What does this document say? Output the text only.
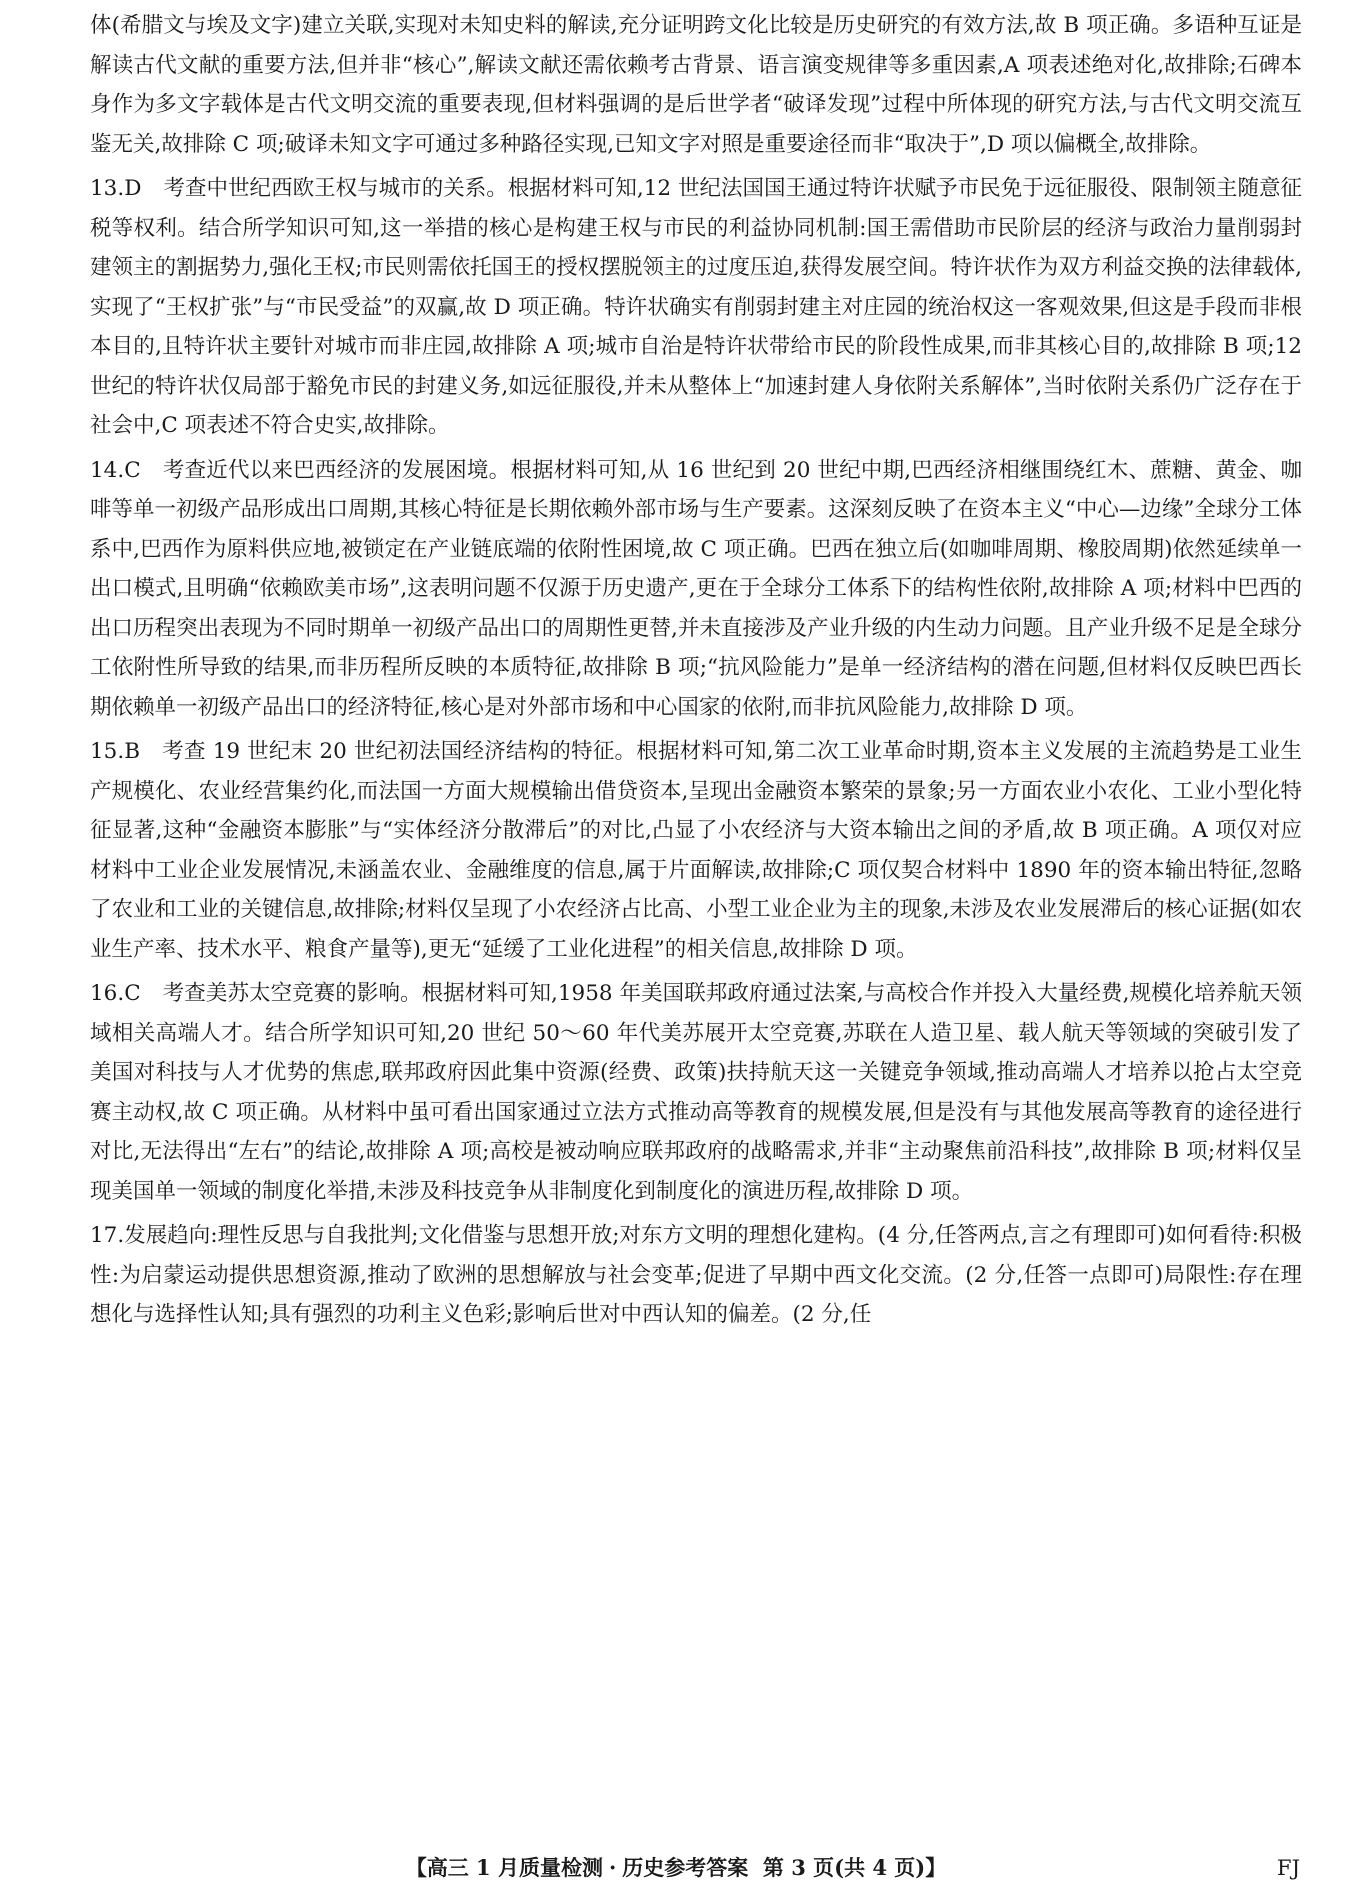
体(希腊文与埃及文字)建立关联,实现对未知史料的解读,充分证明跨文化比较是历史研究的有效方法,故 B 项正确。多语种互证是解读古代文献的重要方法,但并非“核心”,解读文献还需依赖考古背景、语言演变规律等多重因素,A 项表述绝对化,故排除;石碑本身作为多文字载体是古代文明交流的重要表现,但材料强调的是后世学者“破译发现”过程中所体现的研究方法,与古代文明交流互鉴无关,故排除 C 项;破译未知文字可通过多种路径实现,已知文字对照是重要途径而非“取决于”,D 项以偏概全,故排除。

13.D 考查中世纪西欧王权与城市的关系。根据材料可知,12 世纪法国国王通过特许状赋予市民免于远征服役、限制领主随意征税等权利。结合所学知识可知,这一举措的核心是构建王权与市民的利益协同机制:国王需借助市民阶层的经济与政治力量削弱封建领主的割据势力,强化王权;市民则需依托国王的授权摆脱领主的过度压迫,获得发展空间。特许状作为双方利益交换的法律载体,实现了“王权扩张”与“市民受益”的双赢,故 D 项正确。特许状确实有削弱封建主对庄园的统治权这一客观效果,但这是手段而非根本目的,且特许状主要针对城市而非庄园,故排除 A 项;城市自治是特许状带给市民的阶段性成果,而非其核心目的,故排除 B 项;12 世纪的特许状仅局部于豁免市民的封建义务,如远征服役,并未从整体上“加速封建人身依附关系解体”,当时依附关系仍广泛存在于社会中,C 项表述不符合史实,故排除。
14.C 考查近代以来巴西经济的发展困境。根据材料可知,从 16 世纪到 20 世纪中期,巴西经济相继围绕红木、蔗糖、黄金、咖啡等单一初级产品形成出口周期,其核心特征是长期依赖外部市场与生产要素。这深刻反映了在资本主义“中心—边缘”全球分工体系中,巴西作为原料供应地,被锁定在产业链底端的依附性困境,故 C 项正确。巴西在独立后(如咖啡周期、橡胶周期)依然延续单一出口模式,且明确“依赖欧美市场”,这表明问题不仅源于历史遗产,更在于全球分工体系下的结构性依附,故排除 A 项;材料中巴西的出口历程突出表现为不同时期单一初级产品出口的周期性更替,并未直接涉及产业升级的内生动力问题。且产业升级不足是全球分工依附性所导致的结果,而非历程所反映的本质特征,故排除 B 项;“抗风险能力”是单一经济结构的潜在问题,但材料仅反映巴西长期依赖单一初级产品出口的经济特征,核心是对外部市场和中心国家的依附,而非抗风险能力,故排除 D 项。
15.B 考查 19 世纪末 20 世纪初法国经济结构的特征。根据材料可知,第二次工业革命时期,资本主义发展的主流趋势是工业生产规模化、农业经营集约化,而法国一方面大规模输出借贷资本,呈现出金融资本繁荣的景象;另一方面农业小农化、工业小型化特征显著,这种“金融资本膨胀”与“实体经济分散滞后”的对比,凸显了小农经济与大资本输出之间的矛盾,故 B 项正确。A 项仅对应材料中工业企业发展情况,未涵盖农业、金融维度的信息,属于片面解读,故排除;C 项仅契合材料中 1890 年的资本输出特征,忽略了农业和工业的关键信息,故排除;材料仅呈现了小农经济占比高、小型工业企业为主的现象,未涉及农业发展滞后的核心证据(如农业生产率、技术水平、粮食产量等),更无“延缓了工业化进程”的相关信息,故排除 D 项。
16.C 考查美苏太空竞赛的影响。根据材料可知,1958 年美国联邦政府通过法案,与高校合作并投入大量经费,规模化培养航天领域相关高端人才。结合所学知识可知,20 世纪 50～60 年代美苏展开太空竞赛,苏联在人造卫星、载人航天等领域的突破引发了美国对科技与人才优势的焦虑,联邦政府因此集中资源(经费、政策)扶持航天这一关键竞争领域,推动高端人才培养以抢占太空竞赛主动权,故 C 项正确。从材料中虽可看出国家通过立法方式推动高等教育的规模发展,但是没有与其他发展高等教育的途径进行对比,无法得出“左右”的结论,故排除 A 项;高校是被动响应联邦政府的战略需求,并非“主动聚焦前沿科技”,故排除 B 项;材料仅呈现美国单一领域的制度化举措,未涉及科技竞争从非制度化到制度化的演进历程,故排除 D 项。
17.发展趋向:理性反思与自我批判;文化借鉴与思想开放;对东方文明的理想化建构。(4 分,任答两点,言之有理即可)如何看待:积极性:为启蒙运动提供思想资源,推动了欧洲的思想解放与社会变革;促进了早期中西文化交流。(2 分,任答一点即可)局限性:存在理想化与选择性认知;具有强烈的功利主义色彩;影响后世对中西认知的偏差。(2 分,任
【高三 1 月质量检测 · 历史参考答案 第 3 页(共 4 页)】	FJ
